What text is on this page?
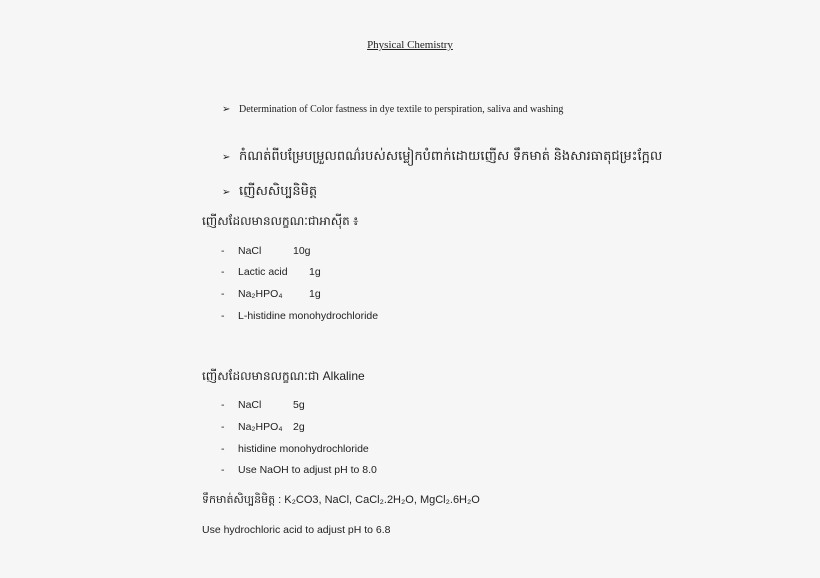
Physical Chemistry
➢ Determination of Color fastness in dye textile to perspiration, saliva and washing
➢ កំណត់ពីបម្រែបម្រួលពណ៌របស់សម្លៀកបំពាក់ដោយញើស ទឹកមាត់ និងសារធាតុជម្រះក្អែល
➢ ញើសសិប្បនិមិត្ត
ញើសដែលមានលក្ខណៈជាអាស៊ីត ៖
- NaCl	10g
- Lactic acid 1g
- Na₂HPO₄	1g
- L-histidine monohydrochloride
ញើសដែលមានលក្ខណៈជា Alkaline
- NaCl	5g
- Na₂HPO₄ 2g
- histidine monohydrochloride
- Use NaOH to adjust pH to 8.0
ទឹកមាត់សិប្បនិមិត្ត : K₂CO3, NaCl, CaCl₂.2H₂O, MgCl₂.6H₂O
Use hydrochloric acid to adjust pH to 6.8
